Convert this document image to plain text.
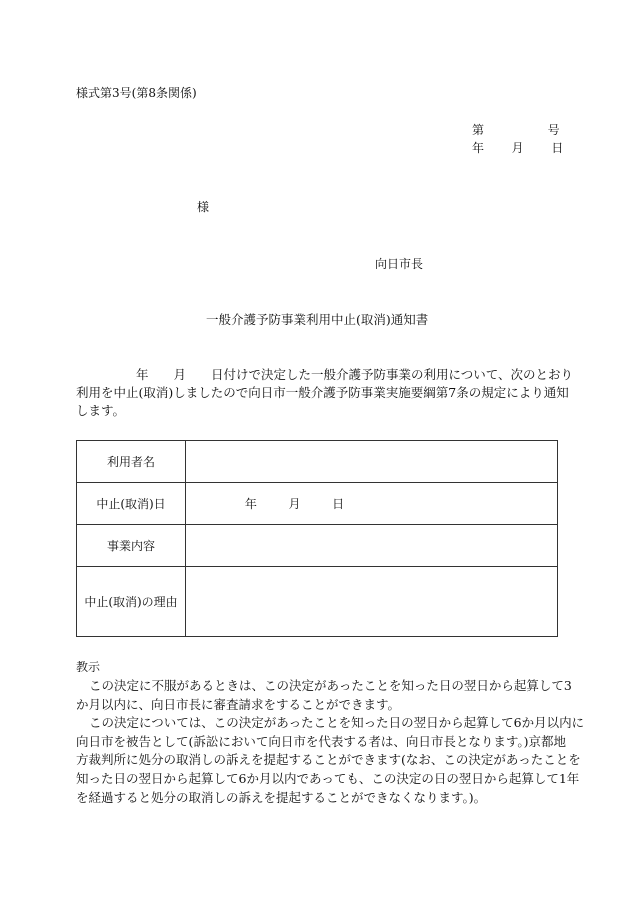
様式第3号(第8条関係)
第	号
年 月 日
様
向日市長
一般介護予防事業利用中止(取消)通知書
年　　月　　日付けで決定した一般介護予防事業の利用について、次のとおり
利用を中止(取消)しましたので向日市一般介護予防事業実施要綱第7条の規定により通知
します。
利用者名	
中止(取消)日	年 月 日
事業内容	
中止(取消)の理由	
教示
この決定に不服があるときは、この決定があったことを知った日の翌日から起算して3
か月以内に、向日市長に審査請求をすることができます。
この決定については、この決定があったことを知った日の翌日から起算して6か月以内に
向日市を被告として(訴訟において向日市を代表する者は、向日市長となります。)京都地
方裁判所に処分の取消しの訴えを提起することができます(なお、この決定があったことを
知った日の翌日から起算して6か月以内であっても、この決定の日の翌日から起算して1年
を経過すると処分の取消しの訴えを提起することができなくなります。)。
